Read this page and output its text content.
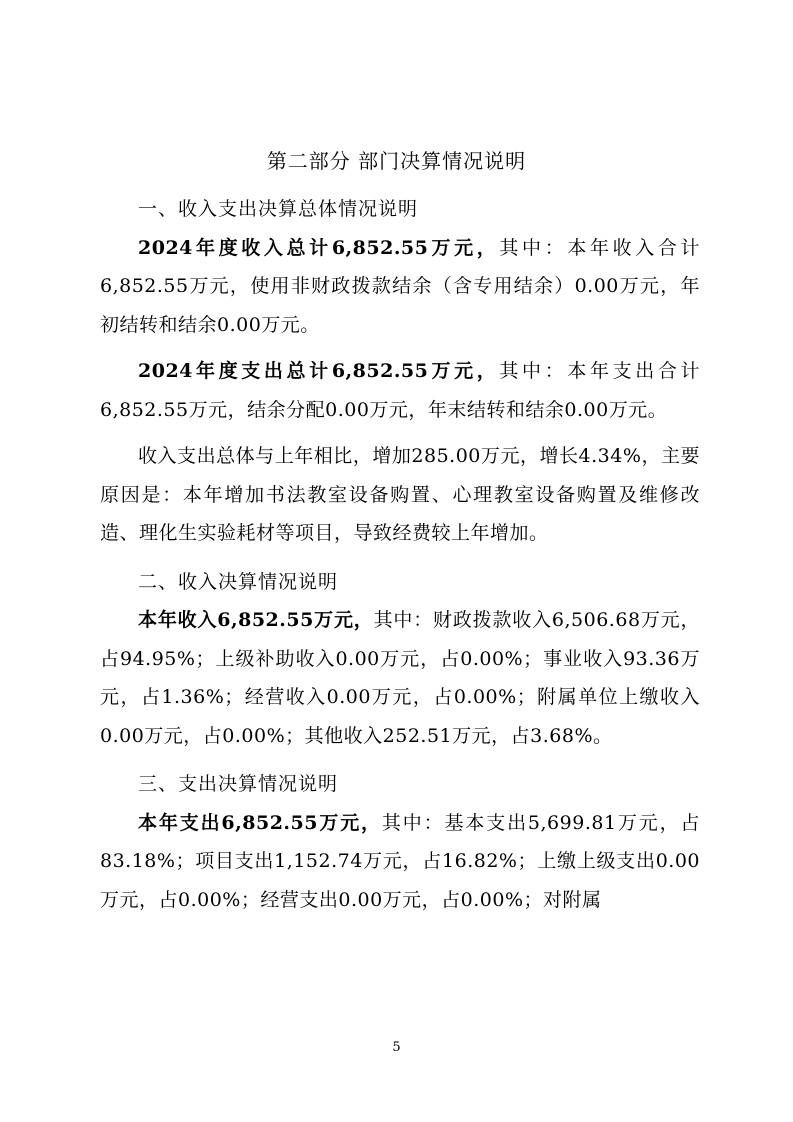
第二部分 部门决算情况说明

一、收入支出决算总体情况说明

2024年度收入总计6,852.55万元，其中：本年收入合计6,852.55万元，使用非财政拨款结余（含专用结余）0.00万元，年初结转和结余0.00万元。

2024年度支出总计6,852.55万元，其中：本年支出合计6,852.55万元，结余分配0.00万元，年末结转和结余0.00万元。

收入支出总体与上年相比，增加285.00万元，增长4.34%，主要原因是：本年增加书法教室设备购置、心理教室设备购置及维修改造、理化生实验耗材等项目，导致经费较上年增加。

二、收入决算情况说明

本年收入6,852.55万元，其中：财政拨款收入6,506.68万元，占94.95%；上级补助收入0.00万元，占0.00%；事业收入93.36万元，占1.36%；经营收入0.00万元，占0.00%；附属单位上缴收入0.00万元，占0.00%；其他收入252.51万元，占3.68%。

三、支出决算情况说明

本年支出6,852.55万元，其中：基本支出5,699.81万元，占83.18%；项目支出1,152.74万元，占16.82%；上缴上级支出0.00万元，占0.00%；经营支出0.00万元，占0.00%；对附属

5
